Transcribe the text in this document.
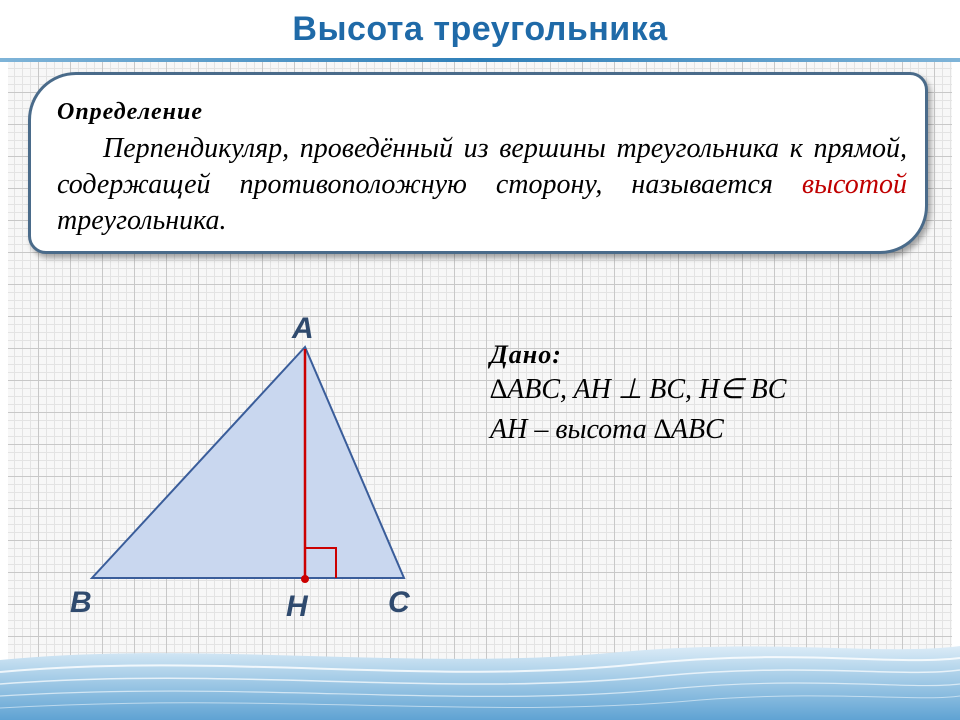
Высота треугольника
Определение
Перпендикуляр, проведённый из вершины треугольника к прямой, содержащей противоположную сторону, называется высотой треугольника.
A
B	C
H
Дано:
∆ABC, AH ⊥ BC, H∈ BC
AH – высота ∆ABC
